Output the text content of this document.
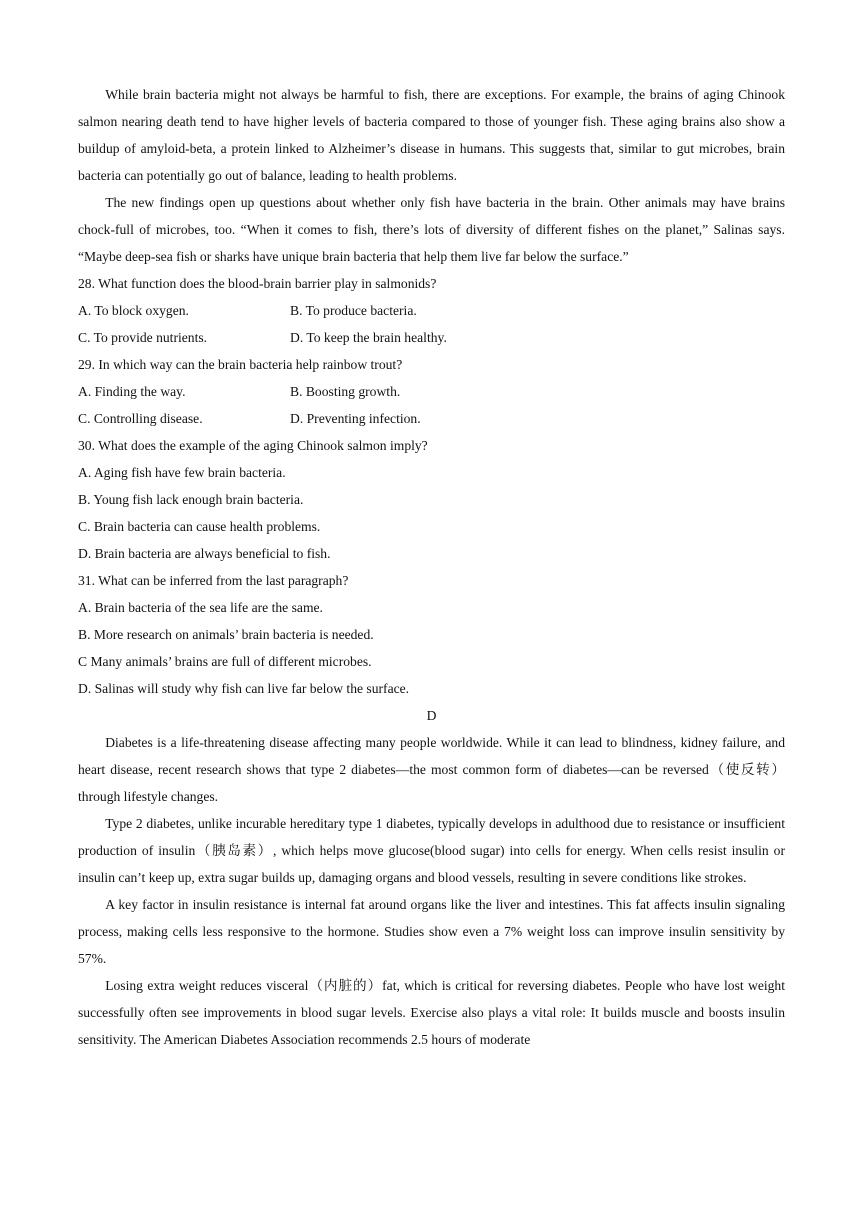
While brain bacteria might not always be harmful to fish, there are exceptions. For example, the brains of aging Chinook salmon nearing death tend to have higher levels of bacteria compared to those of younger fish. These aging brains also show a buildup of amyloid-beta, a protein linked to Alzheimer’s disease in humans. This suggests that, similar to gut microbes, brain bacteria can potentially go out of balance, leading to health problems.

The new findings open up questions about whether only fish have bacteria in the brain. Other animals may have brains chock-full of microbes, too. “When it comes to fish, there’s lots of diversity of different fishes on the planet,” Salinas says. “Maybe deep-sea fish or sharks have unique brain bacteria that help them live far below the surface.”

28. What function does the blood-brain barrier play in salmonids?

A. To block oxygen.	B. To produce bacteria.
C. To provide nutrients.	D. To keep the brain healthy.

29. In which way can the brain bacteria help rainbow trout?

A. Finding the way.	B. Boosting growth.
C. Controlling disease.	D. Preventing infection.

30. What does the example of the aging Chinook salmon imply?

A. Aging fish have few brain bacteria.

B. Young fish lack enough brain bacteria.

C. Brain bacteria can cause health problems.

D. Brain bacteria are always beneficial to fish.

31. What can be inferred from the last paragraph?

A. Brain bacteria of the sea life are the same.

B. More research on animals’ brain bacteria is needed.

C Many animals’ brains are full of different microbes.

D. Salinas will study why fish can live far below the surface.

D

Diabetes is a life-threatening disease affecting many people worldwide. While it can lead to blindness, kidney failure, and heart disease, recent research shows that type 2 diabetes—the most common form of diabetes—can be reversed（使反转）through lifestyle changes.

Type 2 diabetes, unlike incurable hereditary type 1 diabetes, typically develops in adulthood due to resistance or insufficient production of insulin（胰岛素）, which helps move glucose(blood sugar) into cells for energy. When cells resist insulin or insulin can’t keep up, extra sugar builds up, damaging organs and blood vessels, resulting in severe conditions like strokes.

A key factor in insulin resistance is internal fat around organs like the liver and intestines. This fat affects insulin signaling process, making cells less responsive to the hormone. Studies show even a 7% weight loss can improve insulin sensitivity by 57%.

Losing extra weight reduces visceral（内脏的）fat, which is critical for reversing diabetes. People who have lost weight successfully often see improvements in blood sugar levels. Exercise also plays a vital role: It builds muscle and boosts insulin sensitivity. The American Diabetes Association recommends 2.5 hours of moderate
